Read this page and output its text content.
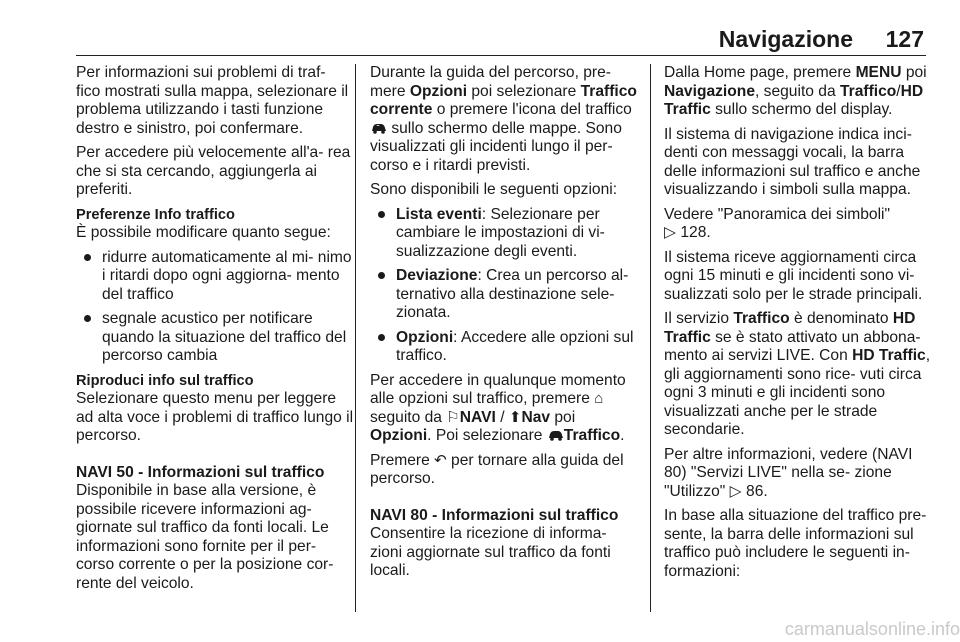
Navigazione 127

Per informazioni sui problemi di traf- fico mostrati sulla mappa, selezionare il problema utilizzando i tasti funzione destro e sinistro, poi confermare.

Per accedere più velocemente all'a- rea che si sta cercando, aggiungerla ai preferiti.

Preferenze Info traffico

È possibile modificare quanto segue:

ridurre automaticamente al mi- nimo i ritardi dopo ogni aggiorna- mento del traffico
segnale acustico per notificare quando la situazione del traffico del percorso cambia
Riproduci info sul traffico

Selezionare questo menu per leggere ad alta voce i problemi di traffico lungo il percorso.

NAVI 50 - Informazioni sul traffico

Disponibile in base alla versione, è possibile ricevere informazioni ag- giornate sul traffico da fonti locali. Le informazioni sono fornite per il per- corso corrente o per la posizione cor- rente del veicolo.

Durante la guida del percorso, pre- mere Opzioni poi selezionare Traffico corrente o premere l'icona del traffico
sullo schermo delle mappe. Sono visualizzati gli incidenti lungo il per- corso e i ritardi previsti.

Sono disponibili le seguenti opzioni:

Lista eventi: Selezionare per cambiare le impostazioni di vi- sualizzazione degli eventi.
Deviazione: Crea un percorso al- ternativo alla destinazione sele- zionata.
Opzioni: Accedere alle opzioni sul traffico.

Per accedere in qualunque momento alle opzioni sul traffico, premere ⌂ seguito da ⚐NAVI / ⬆Nav poi
Opzioni. Poi selezionare Traffico.

Premere ↶ per tornare alla guida del percorso.

NAVI 80 - Informazioni sul traffico

Consentire la ricezione di informa- zioni aggiornate sul traffico da fonti locali.

Dalla Home page, premere MENU poi Navigazione, seguito da Traffico/HD Traffic sullo schermo del display.

Il sistema di navigazione indica inci- denti con messaggi vocali, la barra delle informazioni sul traffico e anche visualizzando i simboli sulla mappa.

Vedere "Panoramica dei simboli"
▷ 128.

Il sistema riceve aggiornamenti circa ogni 15 minuti e gli incidenti sono vi- sualizzati solo per le strade principali.

Il servizio Traffico è denominato HD Traffic se è stato attivato un abbona- mento ai servizi LIVE. Con HD Traffic, gli aggiornamenti sono rice- vuti circa ogni 3 minuti e gli incidenti sono visualizzati anche per le strade secondarie.

Per altre informazioni, vedere (NAVI 80) "Servizi LIVE" nella se- zione "Utilizzo" ▷ 86.

In base alla situazione del traffico pre- sente, la barra delle informazioni sul traffico può includere le seguenti in- formazioni:

carmanualsonline.info
